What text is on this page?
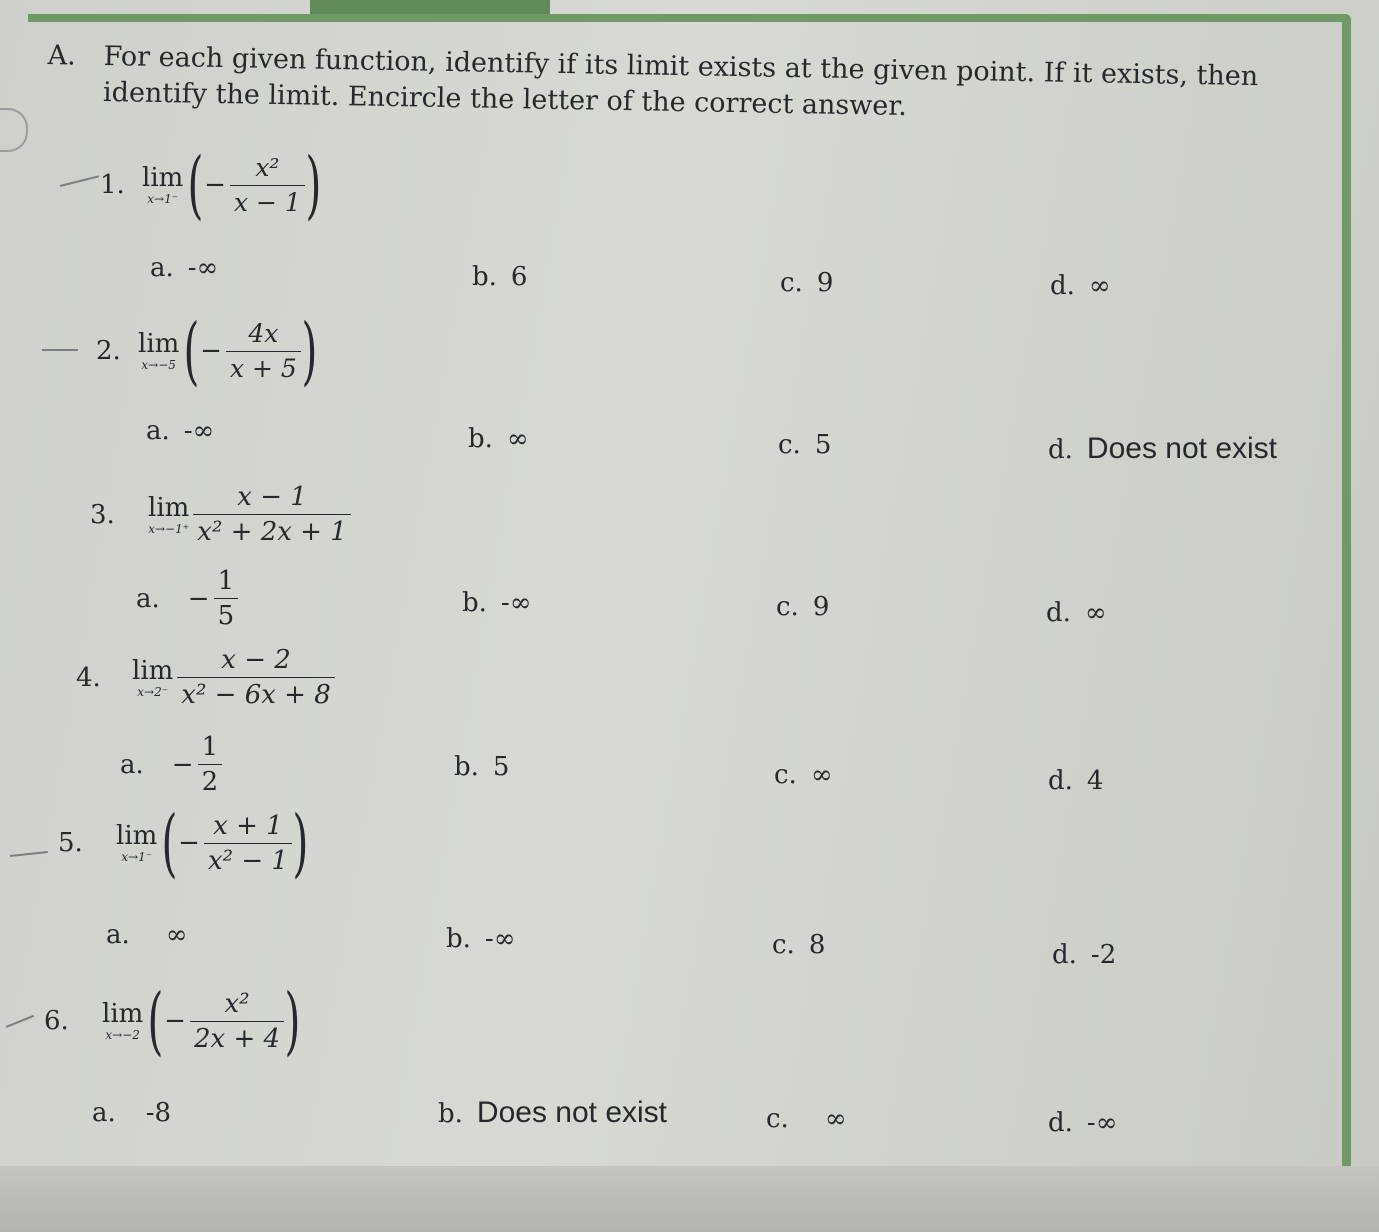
A. For each given function, identify if its limit exists at the given point. If it exists, then identify the limit. Encircle the letter of the correct answer.
1. lim
x→1⁻ ( − $\frac{\text{x²}}{x - 1}$ )
a. -∞	b. 6	c. 9	d. ∞
2. lim
x→−5 ( − $\frac{4x}{x + 5}$ )
a. -∞	b. ∞	c. 5	d. Does not exist
3.	lim
$x\to-1^+ \frac{x - 1}{\text{x² + 2x + 1}}$
a. − $\frac{1}{5}$	b. -∞	c. 9	d. ∞
4.	lim
$x\to 2^- \frac{x - 2}{\text{x² − 6x + 8}}$
a. − $\frac{1}{2}$	b. 5	c. ∞	d. 4
5.	lim
x→1⁻ ( − $\frac{x + 1}{\text{x² − 1}}$ )
a. ∞	b. -∞	c. 8	d. -2
6.	lim
x→−2 ( − $\frac{\text{x²}}{2x + 4}$ )
a. -8	b. Does not exist	c. ∞	d. -∞
